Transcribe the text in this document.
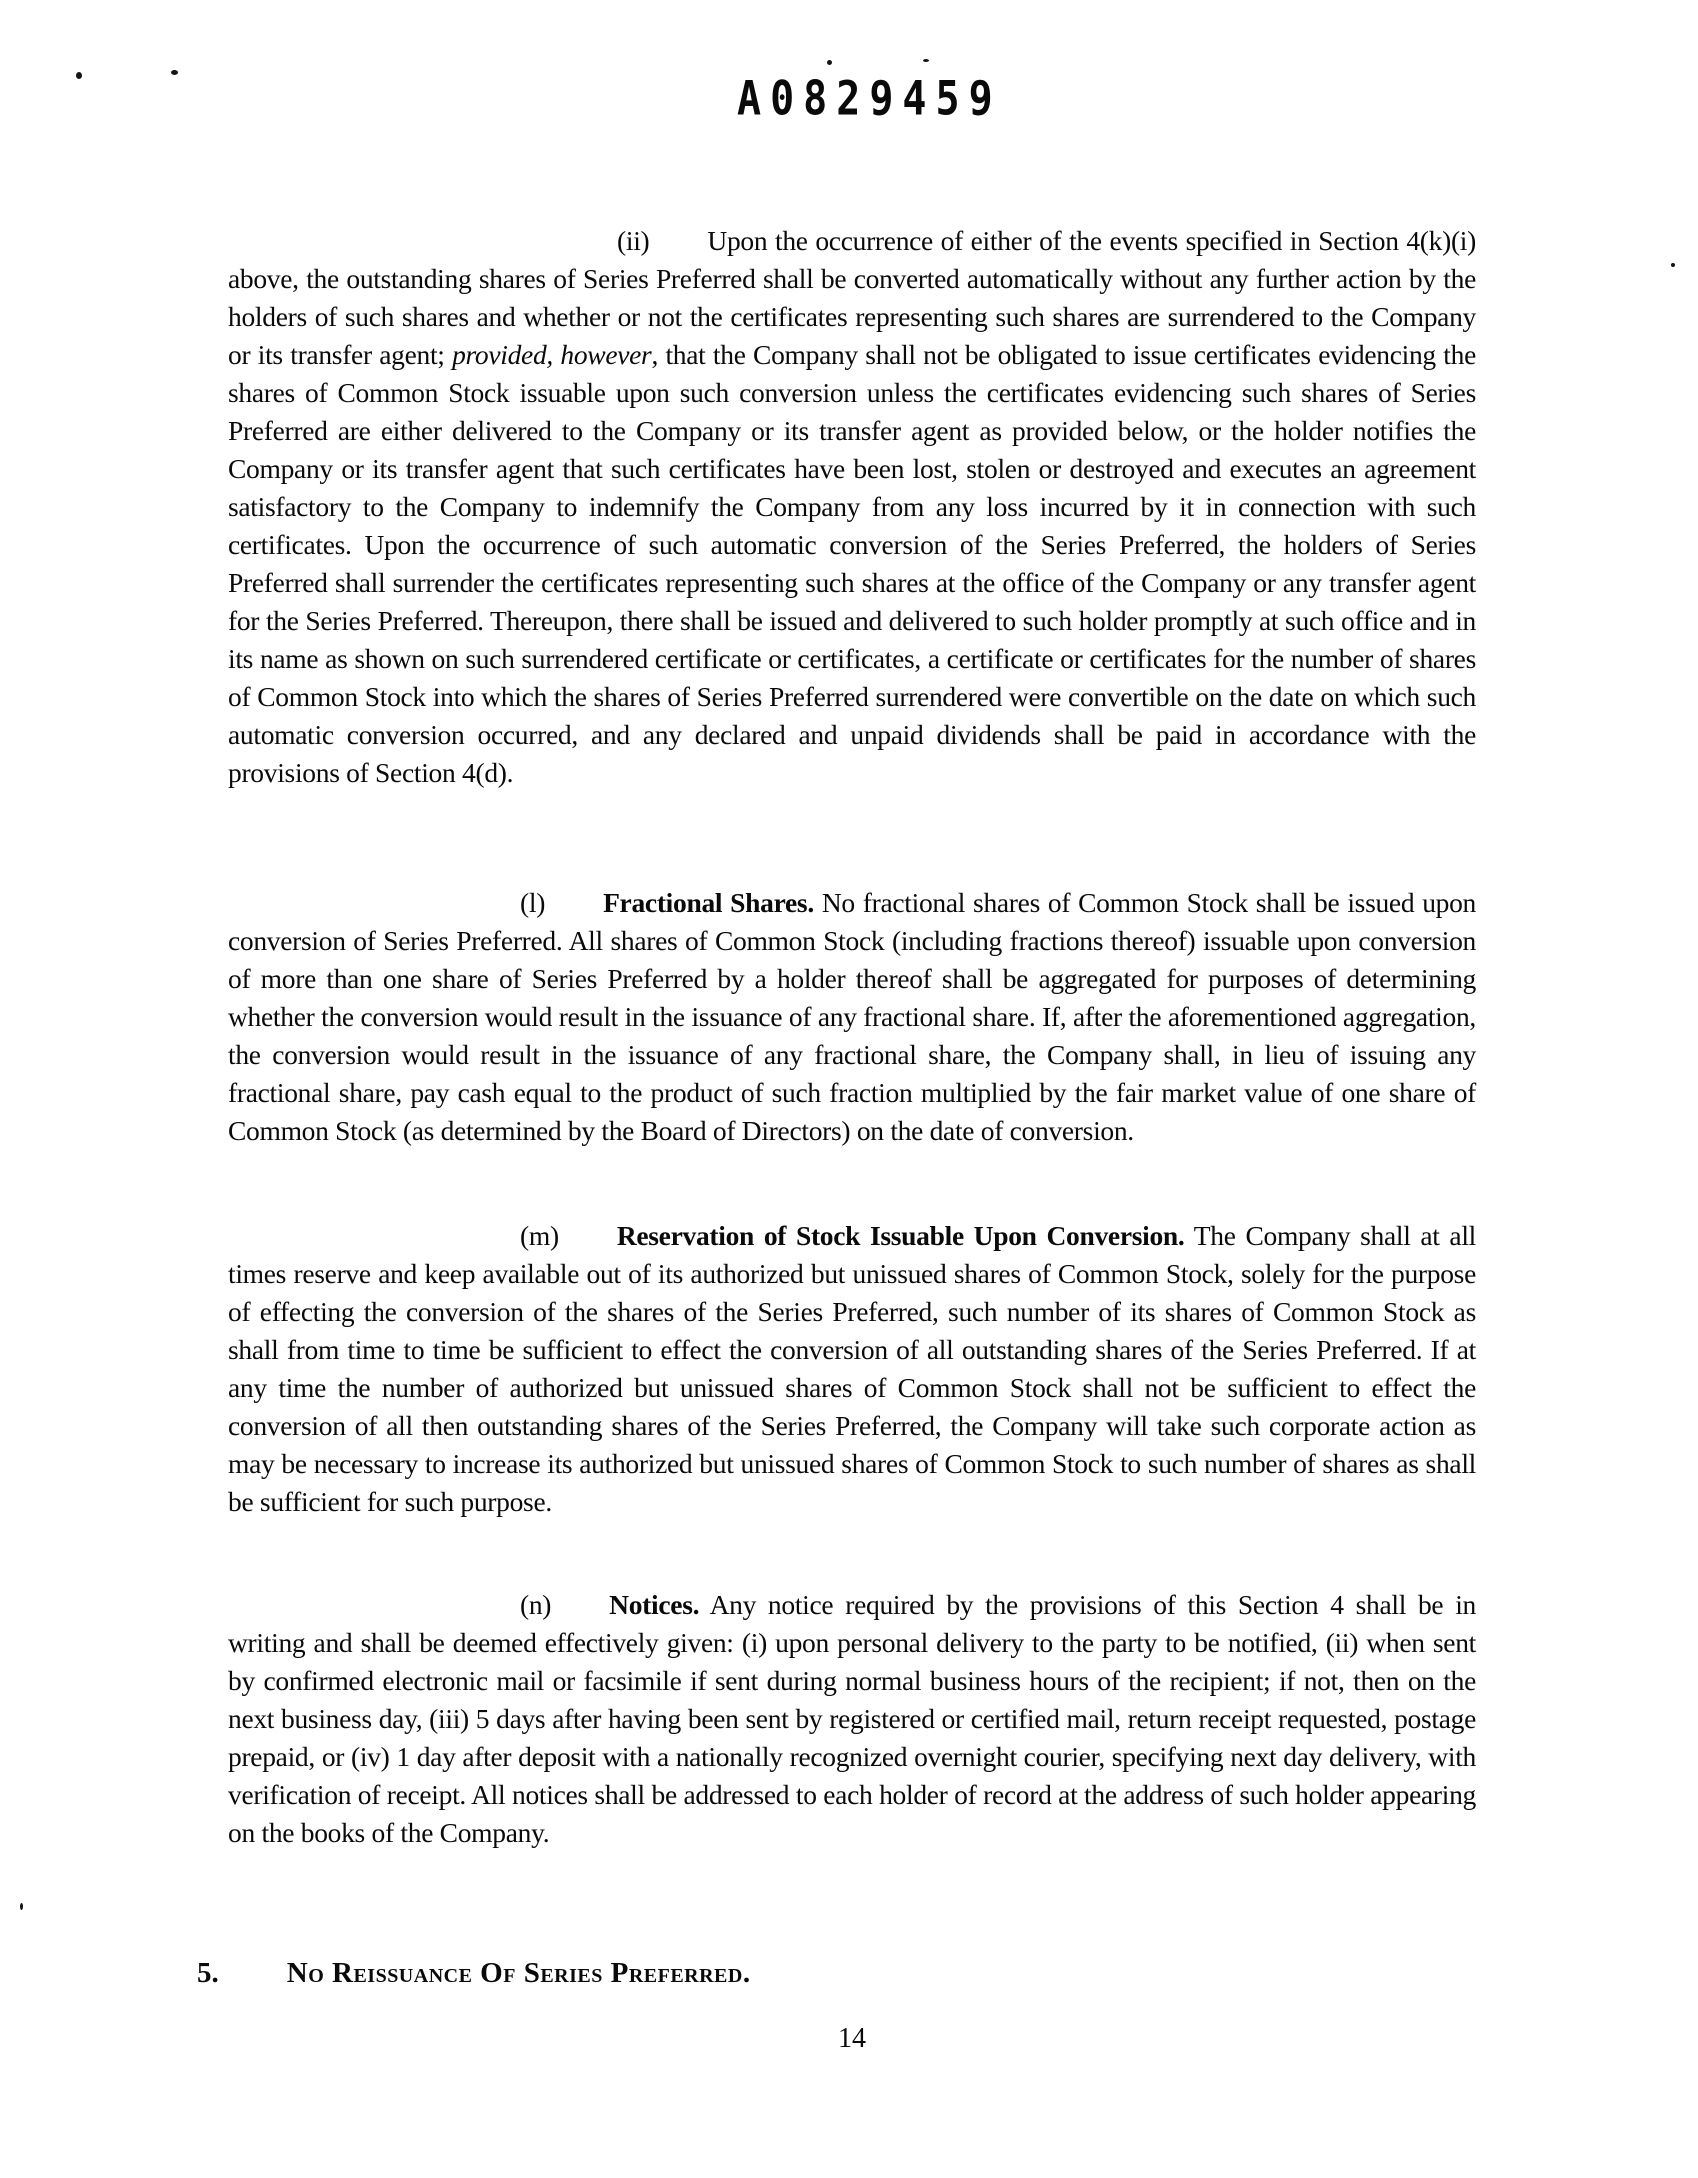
A0829459
(ii) Upon the occurrence of either of the events specified in Section 4(k)(i) above, the outstanding shares of Series Preferred shall be converted automatically without any further action by the holders of such shares and whether or not the certificates representing such shares are surrendered to the Company or its transfer agent; provided, however, that the Company shall not be obligated to issue certificates evidencing the shares of Common Stock issuable upon such conversion unless the certificates evidencing such shares of Series Preferred are either delivered to the Company or its transfer agent as provided below, or the holder notifies the Company or its transfer agent that such certificates have been lost, stolen or destroyed and executes an agreement satisfactory to the Company to indemnify the Company from any loss incurred by it in connection with such certificates. Upon the occurrence of such automatic conversion of the Series Preferred, the holders of Series Preferred shall surrender the certificates representing such shares at the office of the Company or any transfer agent for the Series Preferred. Thereupon, there shall be issued and delivered to such holder promptly at such office and in its name as shown on such surrendered certificate or certificates, a certificate or certificates for the number of shares of Common Stock into which the shares of Series Preferred surrendered were convertible on the date on which such automatic conversion occurred, and any declared and unpaid dividends shall be paid in accordance with the provisions of Section 4(d).
(l) Fractional Shares. No fractional shares of Common Stock shall be issued upon conversion of Series Preferred. All shares of Common Stock (including fractions thereof) issuable upon conversion of more than one share of Series Preferred by a holder thereof shall be aggregated for purposes of determining whether the conversion would result in the issuance of any fractional share. If, after the aforementioned aggregation, the conversion would result in the issuance of any fractional share, the Company shall, in lieu of issuing any fractional share, pay cash equal to the product of such fraction multiplied by the fair market value of one share of Common Stock (as determined by the Board of Directors) on the date of conversion.
(m) Reservation of Stock Issuable Upon Conversion. The Company shall at all times reserve and keep available out of its authorized but unissued shares of Common Stock, solely for the purpose of effecting the conversion of the shares of the Series Preferred, such number of its shares of Common Stock as shall from time to time be sufficient to effect the conversion of all outstanding shares of the Series Preferred. If at any time the number of authorized but unissued shares of Common Stock shall not be sufficient to effect the conversion of all then outstanding shares of the Series Preferred, the Company will take such corporate action as may be necessary to increase its authorized but unissued shares of Common Stock to such number of shares as shall be sufficient for such purpose.
(n) Notices. Any notice required by the provisions of this Section 4 shall be in writing and shall be deemed effectively given: (i) upon personal delivery to the party to be notified, (ii) when sent by confirmed electronic mail or facsimile if sent during normal business hours of the recipient; if not, then on the next business day, (iii) 5 days after having been sent by registered or certified mail, return receipt requested, postage prepaid, or (iv) 1 day after deposit with a nationally recognized overnight courier, specifying next day delivery, with verification of receipt. All notices shall be addressed to each holder of record at the address of such holder appearing on the books of the Company.
5. No Reissuance Of Series Preferred.
14
